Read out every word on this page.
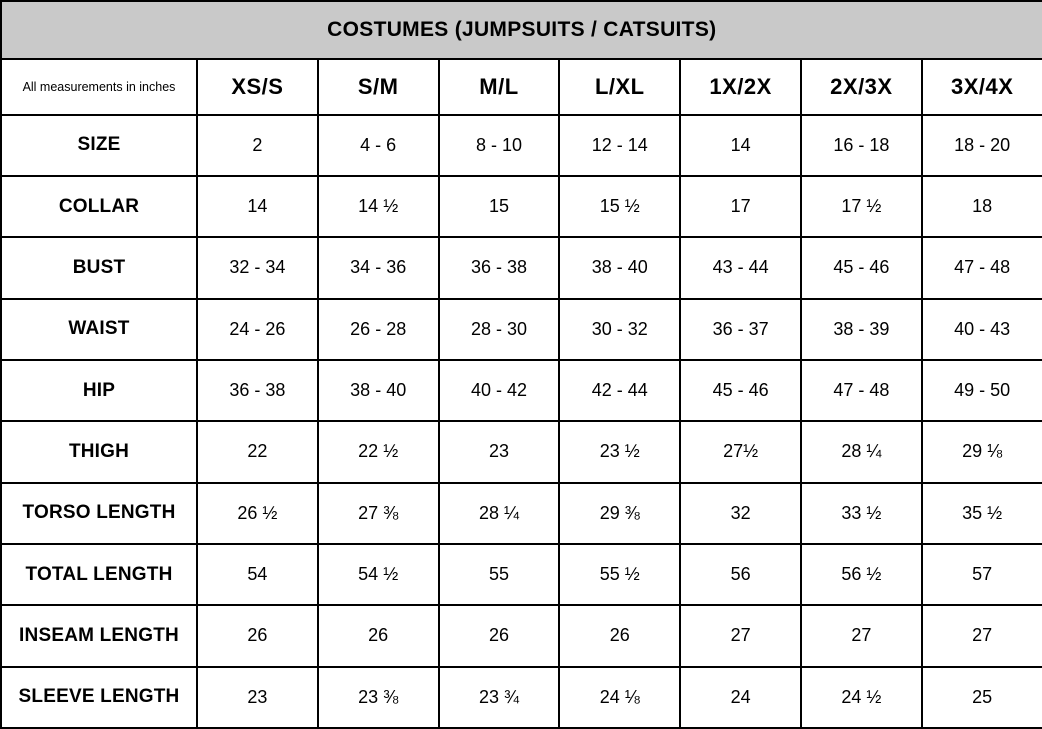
COSTUMES (JUMPSUITS / CATSUITS)							
All measurements in inches	XS/S	S/M	M/L	L/XL	1X/2X	2X/3X	3X/4X
SIZE	2	4 - 6	8 - 10	12 - 14	14	16 - 18	18 - 20
COLLAR	14	14 ½	15	15 ½	17	17 ½	18
BUST	32 - 34	34 - 36	36 - 38	38 - 40	43 - 44	45 - 46	47 - 48
WAIST	24 - 26	26 - 28	28 - 30	30 - 32	36 - 37	38 - 39	40 - 43
HIP	36 - 38	38 - 40	40 - 42	42 - 44	45 - 46	47 - 48	49 - 50
THIGH	22	22 ½	23	23 ½	27½	28 ¼	29 ⅛
TORSO LENGTH	26 ½	27 ⅜	28 ¼	29 ⅜	32	33 ½	35 ½
TOTAL LENGTH	54	54 ½	55	55 ½	56	56 ½	57
INSEAM LENGTH	26	26	26	26	27	27	27
SLEEVE LENGTH	23	23 ⅜	23 ¾	24 ⅛	24	24 ½	25
